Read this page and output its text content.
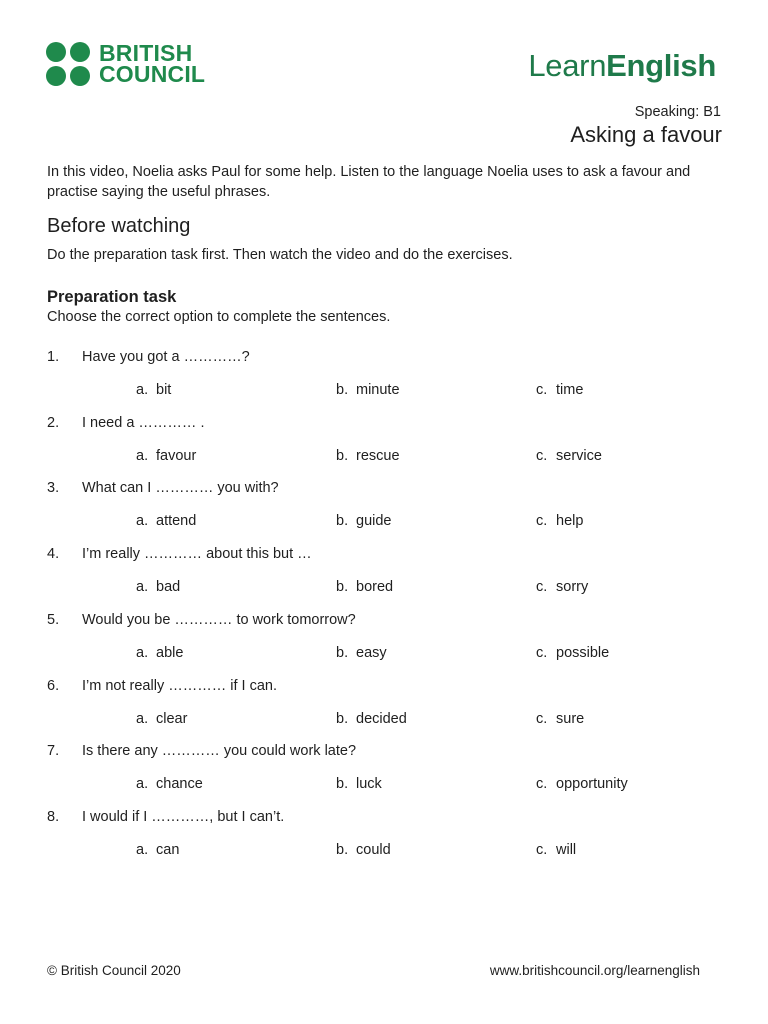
BRITISH
COUNCIL	LearnEnglish
Speaking: B1
Asking a favour
In this video, Noelia asks Paul for some help. Listen to the language Noelia uses to ask a favour and practise saying the useful phrases.
Before watching
Do the preparation task first. Then watch the video and do the exercises.
Preparation task
Choose the correct option to complete the sentences.
1. Have you got a …………?
a. bit	b. minute	c. time
2. I need a ………… .
a. favour	b. rescue	c. service
3. What can I ………… you with?
a. attend	b. guide	c. help
4. I’m really ………… about this but …
a. bad	b. bored	c. sorry
5. Would you be ………… to work tomorrow?
a. able	b. easy	c. possible
6. I’m not really ………… if I can.
a. clear	b. decided	c. sure
7. Is there any ………… you could work late?
a. chance	b. luck	c. opportunity
8. I would if I …………, but I can’t.
a. can	b. could	c. will
© British Council 2020	www.britishcouncil.org/learnenglish
